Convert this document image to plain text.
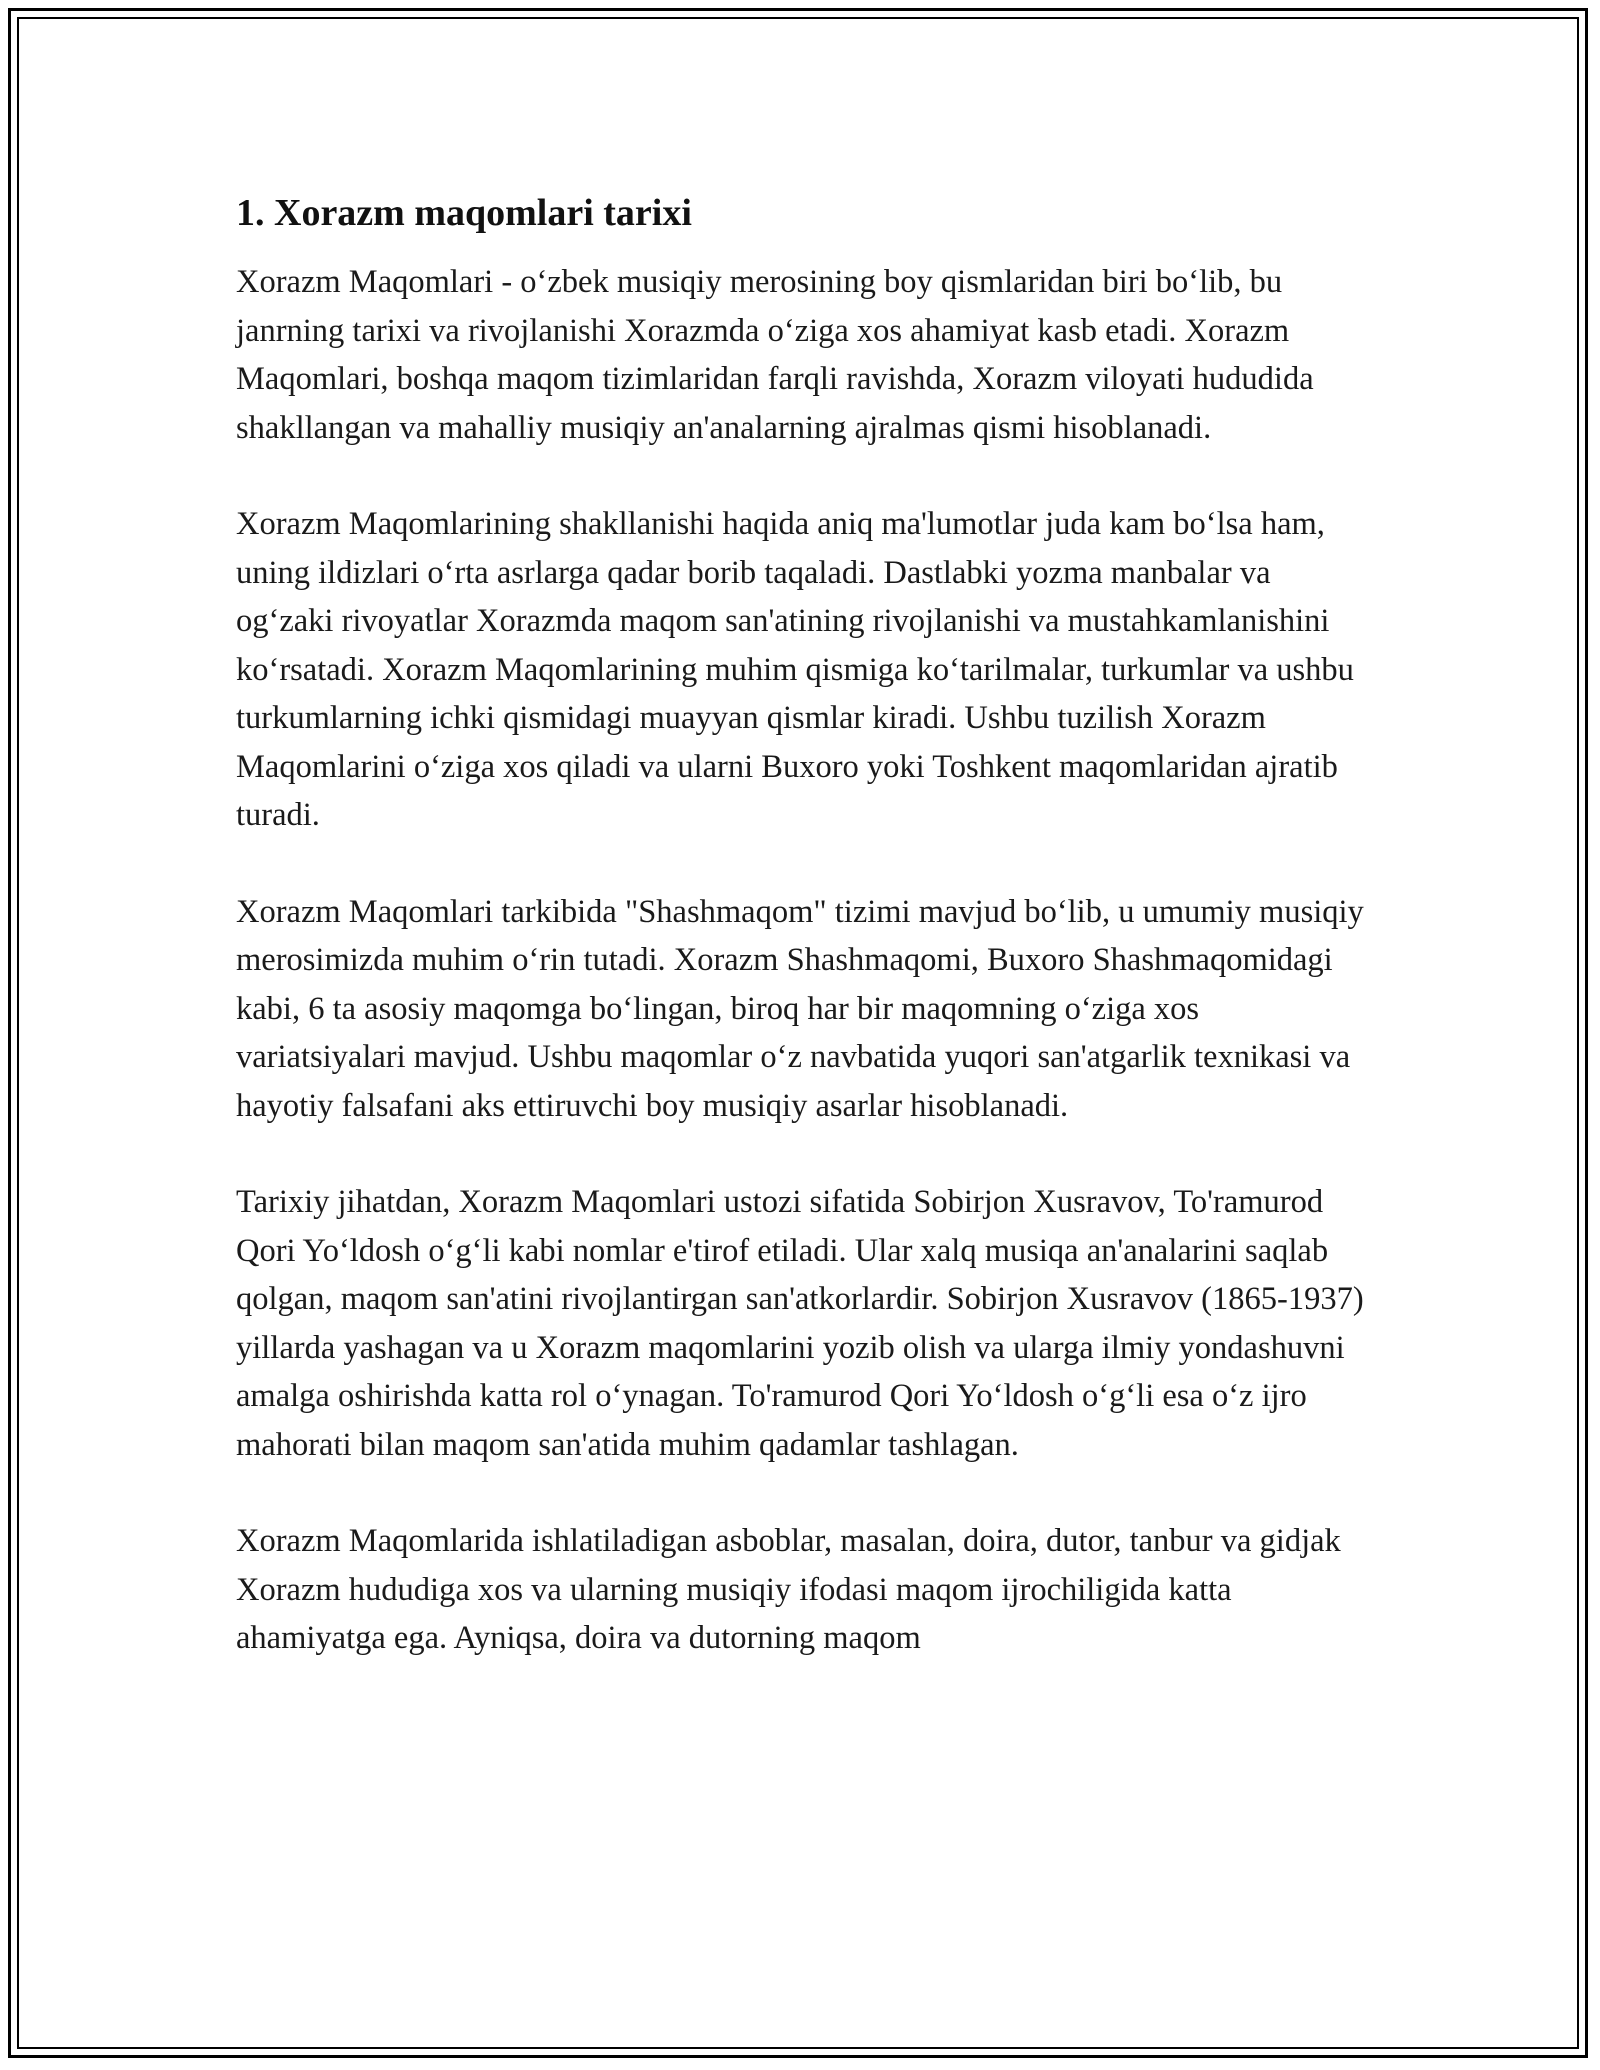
1. Xorazm maqomlari tarixi

Xorazm Maqomlari - o‘zbek musiqiy merosining boy qismlaridan biri bo‘lib, bu janrning tarixi va rivojlanishi Xorazmda o‘ziga xos ahamiyat kasb etadi. Xorazm Maqomlari, boshqa maqom tizimlaridan farqli ravishda, Xorazm viloyati hududida shakllangan va mahalliy musiqiy an'analarning ajralmas qismi hisoblanadi.

Xorazm Maqomlarining shakllanishi haqida aniq ma'lumotlar juda kam bo‘lsa ham, uning ildizlari o‘rta asrlarga qadar borib taqaladi. Dastlabki yozma manbalar va og‘zaki rivoyatlar Xorazmda maqom san'atining rivojlanishi va mustahkamlanishini ko‘rsatadi. Xorazm Maqomlarining muhim qismiga ko‘tarilmalar, turkumlar va ushbu turkumlarning ichki qismidagi muayyan qismlar kiradi. Ushbu tuzilish Xorazm Maqomlarini o‘ziga xos qiladi va ularni Buxoro yoki Toshkent maqomlaridan ajratib turadi.

Xorazm Maqomlari tarkibida "Shashmaqom" tizimi mavjud bo‘lib, u umumiy musiqiy merosimizda muhim o‘rin tutadi. Xorazm Shashmaqomi, Buxoro Shashmaqomidagi kabi, 6 ta asosiy maqomga bo‘lingan, biroq har bir maqomning o‘ziga xos variatsiyalari mavjud. Ushbu maqomlar o‘z navbatida yuqori san'atgarlik texnikasi va hayotiy falsafani aks ettiruvchi boy musiqiy asarlar hisoblanadi.

Tarixiy jihatdan, Xorazm Maqomlari ustozi sifatida Sobirjon Xusravov, To'ramurod Qori Yo‘ldosh o‘g‘li kabi nomlar e'tirof etiladi. Ular xalq musiqa an'analarini saqlab qolgan, maqom san'atini rivojlantirgan san'atkorlardir. Sobirjon Xusravov (1865-1937) yillarda yashagan va u Xorazm maqomlarini yozib olish va ularga ilmiy yondashuvni amalga oshirishda katta rol o‘ynagan. To'ramurod Qori Yo‘ldosh o‘g‘li esa o‘z ijro mahorati bilan maqom san'atida muhim qadamlar tashlagan.

Xorazm Maqomlarida ishlatiladigan asboblar, masalan, doira, dutor, tanbur va gidjak Xorazm hududiga xos va ularning musiqiy ifodasi maqom ijrochiligida katta ahamiyatga ega. Ayniqsa, doira va dutorning maqom
